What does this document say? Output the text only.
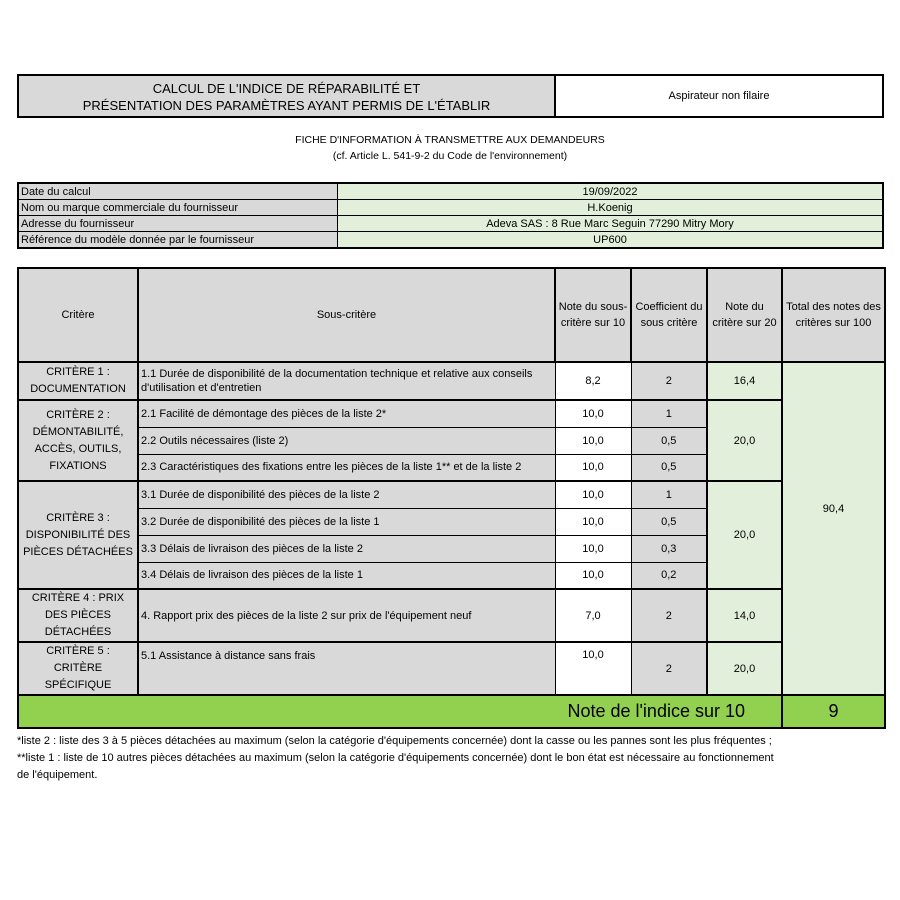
CALCUL DE L'INDICE DE RÉPARABILITÉ ET
PRÉSENTATION DES PARAMÈTRES AYANT PERMIS DE L'ÉTABLIR
Aspirateur non filaire
FICHE D'INFORMATION À TRANSMETTRE AUX DEMANDEURS
(cf. Article L. 541-9-2 du Code de l'environnement)
Date du calcul	19/09/2022
Nom ou marque commerciale du fournisseur	H.Koenig
Adresse du fournisseur	Adeva SAS : 8 Rue Marc Seguin 77290 Mitry Mory
Référence du modèle donnée par le fournisseur	UP600
Critère	Sous-critère	Note du sous-critère sur 10	Coefficient du sous critère	Note du critère sur 20	Total des notes des critères sur 100
CRITÈRE 1 : DOCUMENTATION	1.1 Durée de disponibilité de la documentation technique et relative aux conseils d'utilisation et d'entretien	8,2	2	16,4	90,4
CRITÈRE 2 : DÉMONTABILITÉ, ACCÈS, OUTILS, FIXATIONS	2.1 Facilité de démontage des pièces de la liste 2*	10,0	1	20,0	
	2.2 Outils nécessaires (liste 2)	10,0	0,5		
	2.3 Caractéristiques des fixations entre les pièces de la liste 1** et de la liste 2	10,0	0,5		
CRITÈRE 3 : DISPONIBILITÉ DES PIÈCES DÉTACHÉES	3.1 Durée de disponibilité des pièces de la liste 2	10,0	1	20,0	
	3.2 Durée de disponibilité des pièces de la liste 1	10,0	0,5		
	3.3 Délais de livraison des pièces de la liste 2	10,0	0,3		
	3.4 Délais de livraison des pièces de la liste 1	10,0	0,2		
CRITÈRE 4 : PRIX DES PIÈCES DÉTACHÉES	4. Rapport prix des pièces de la liste 2 sur prix de l'équipement neuf	7,0	2	14,0	
CRITÈRE 5 : CRITÈRE SPÉCIFIQUE	5.1 Assistance à distance sans frais	10,0	2	20,0	
Note de l'indice sur 10					9
*liste 2 : liste des 3 à 5 pièces détachées au maximum (selon la catégorie d'équipements concernée) dont la casse ou les pannes sont les plus fréquentes ;
**liste 1 : liste de 10 autres pièces détachées au maximum (selon la catégorie d'équipements concernée) dont le bon état est nécessaire au fonctionnement
de l'équipement.
